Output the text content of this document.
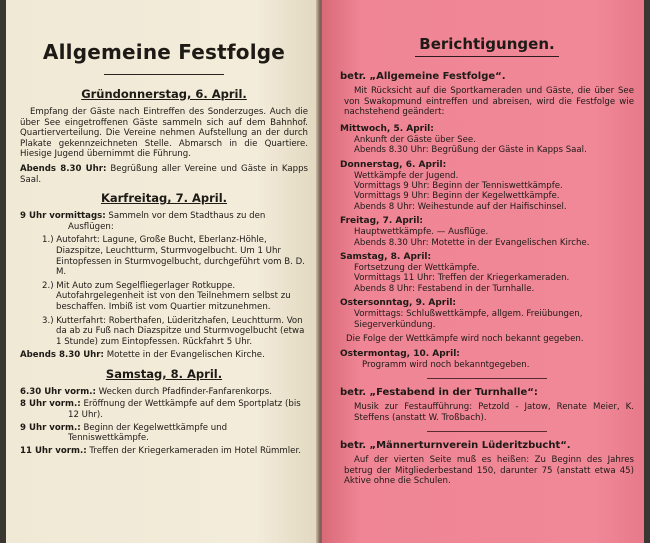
Allgemeine Festfolge
Gründonnerstag, 6. April.

Empfang der Gäste nach Eintreffen des Sonderzuges. Auch die über See eingetroffenen Gäste sammeln sich auf dem Bahnhof. Quartierverteilung. Die Vereine nehmen Aufstellung an der durch Plakate gekennzeichneten Stelle. Abmarsch in die Quartiere. Hiesige Jugend übernimmt die Führung.

Abends 8.30 Uhr: Begrüßung aller Vereine und Gäste in Kapps Saal.

Karfreitag, 7. April.

9 Uhr vormittags: Sammeln vor dem Stadthaus zu den Ausflügen:

1.) Autofahrt: Lagune, Große Bucht, Eberlanz-Höhle, Diazspitze, Leuchtturm, Sturmvogelbucht. Um 1 Uhr Eintopfessen in Sturmvogelbucht, durchgeführt vom B. D. M.

2.) Mit Auto zum Segelfliegerlager Rotkuppe. Autofahrgelegenheit ist von den Teilnehmern selbst zu beschaffen. Imbiß ist vom Quartier mitzunehmen.

3.) Kutterfahrt: Roberthafen, Lüderitzhafen, Leuchtturm. Von da ab zu Fuß nach Diazspitze und Sturmvogelbucht (etwa 1 Stunde) zum Eintopfessen. Rückfahrt 5 Uhr.

Abends 8.30 Uhr: Motette in der Evangelischen Kirche.

Samstag, 8. April.

6.30 Uhr vorm.: Wecken durch Pfadfinder-Fanfarenkorps.

8 Uhr vorm.: Eröffnung der Wettkämpfe auf dem Sportplatz (bis 12 Uhr).

9 Uhr vorm.: Beginn der Kegelwettkämpfe und Tenniswettkämpfe.

11 Uhr vorm.: Treffen der Kriegerkameraden im Hotel Rümmler.

Berichtigungen.
betr. „Allgemeine Festfolge“.

Mit Rücksicht auf die Sportkameraden und Gäste, die über See von Swakopmund eintreffen und abreisen, wird die Festfolge wie nachstehend geändert:

Mittwoch, 5. April:
Ankunft der Gäste über See.
Abends 8.30 Uhr: Begrüßung der Gäste in Kapps Saal.
Donnerstag, 6. April:
Wettkämpfe der Jugend.
Vormittags 9 Uhr: Beginn der Tenniswettkämpfe.
Vormittags 9 Uhr: Beginn der Kegelwettkämpfe.
Abends 8 Uhr: Weihestunde auf der Haifischinsel.
Freitag, 7. April:
Hauptwettkämpfe. — Ausflüge.
Abends 8.30 Uhr: Motette in der Evangelischen Kirche.
Samstag, 8. April:
Fortsetzung der Wettkämpfe.
Vormittags 11 Uhr: Treffen der Kriegerkameraden.
Abends 8 Uhr: Festabend in der Turnhalle.
Ostersonntag, 9. April:
Vormittags: Schlußwettkämpfe, allgem. Freiübungen,
Siegerverkündung.
Die Folge der Wettkämpfe wird noch bekannt gegeben.
Ostermontag, 10. April:
Programm wird noch bekanntgegeben.
betr. „Festabend in der Turnhalle“:

Musik zur Festaufführung: Petzold - Jatow, Renate Meier, K. Steffens (anstatt W. Troßbach).

betr. „Männerturnverein Lüderitzbucht“.

Auf der vierten Seite muß es heißen: Zu Beginn des Jahres betrug der Mitgliederbestand 150, darunter 75 (anstatt etwa 45) Aktive ohne die Schulen.
